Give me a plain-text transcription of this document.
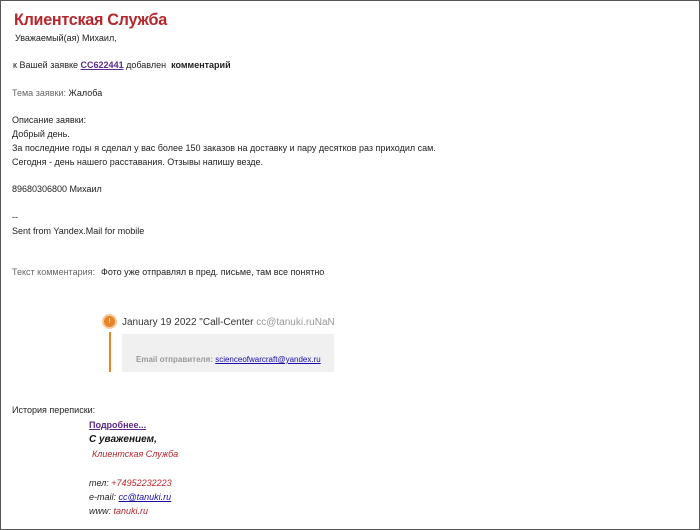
Клиентская Служба
Уважаемый(ая) Михаил,
к Вашей заявке CC622441 добавлен комментарий
Тема заявки: Жалоба
Описание заявки:
Добрый день.
За последние годы я сделал у вас более 150 заказов на доставку и пару десятков раз приходил сам.
Сегодня - день нашего расставания. Отзывы напишу везде.
89680306800 Михаил
--
Sent from Yandex.Mail for mobile
Текст комментария: Фото уже отправлял в пред. письме, там все понятно
!	January 19 2022 "Call-Center cc@tanuki.ruNaN
Email отправителя: scienceofwarcraft@yandex.ru
История переписки:
Подробнее...
С уважением,
Клиентская Служба
тел: +74952232223
e-mail: cc@tanuki.ru
www: tanuki.ru
